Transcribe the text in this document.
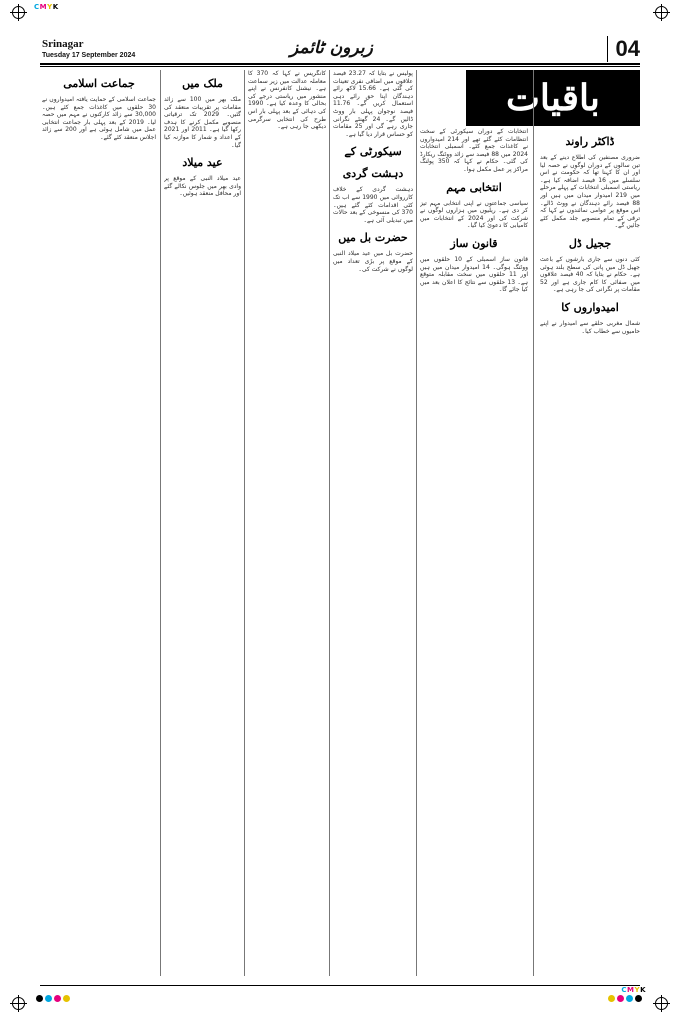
CMYK
Srinagar
Tuesday 17 September 2024	زبرون ٹائمز	04
باقیات
ڈاکٹر راوند

ضروری مصنفین کی اطلاع دینے کے بعد تین سالوں کے دوران لوگوں نے حصہ لیا اور ان کا کہنا تھا کہ حکومت نے اس سلسلے میں 16 فیصد اضافہ کیا ہے۔ ریاستی اسمبلی انتخابات کے پہلے مرحلے میں 219 امیدوار میدان میں ہیں اور 88 فیصد رائے دہندگان نے ووٹ ڈالے۔ اس موقع پر عوامی نمائندوں نے کہا کہ ترقی کے تمام منصوبے جلد مکمل کئے جائیں گے۔

ججیل ڈل

کئی دنوں سے جاری بارشوں کے باعث جھیل ڈل میں پانی کی سطح بلند ہوئی ہے۔ حکام نے بتایا کہ 40 فیصد علاقوں میں صفائی کا کام جاری ہے اور 52 مقامات پر نگرانی کی جا رہی ہے۔

امیدواروں کا

شمال مغربی حلقے سے امیدوار نے اپنے حامیوں سے خطاب کیا۔

انتخابات کے دوران سیکورٹی کے سخت انتظامات کئے گئے تھے اور 214 امیدواروں نے کاغذات جمع کئے۔ اسمبلی انتخابات 2024 میں 88 فیصد سے زائد ووٹنگ ریکارڈ کی گئی۔ حکام نے کہا کہ 350 پولنگ مراکز پر عمل مکمل ہوا۔

انتخابی مہم

سیاسی جماعتوں نے اپنی انتخابی مہم تیز کر دی ہے۔ ریلیوں میں ہزاروں لوگوں نے شرکت کی اور 2024 کے انتخابات میں کامیابی کا دعویٰ کیا گیا۔

قانون ساز

قانون ساز اسمبلی کے 10 حلقوں میں ووٹنگ ہوگی۔ 14 امیدوار میدان میں ہیں اور 11 حلقوں میں سخت مقابلہ متوقع ہے۔ 13 حلقوں سے نتائج کا اعلان بعد میں کیا جائے گا۔

پولیس نے بتایا کہ 23.27 فیصد علاقوں میں اضافی نفری تعینات کی گئی ہے۔ 15.66 لاکھ رائے دہندگان اپنا حق رائے دہی استعمال کریں گے۔ 11.76 فیصد نوجوان پہلی بار ووٹ ڈالیں گے۔ 24 گھنٹے نگرانی جاری رہے گی اور 25 مقامات کو حساس قرار دیا گیا ہے۔

سیکورٹی کے
دہشت گردی

دہشت گردی کے خلاف کارروائی میں 1990 سے اب تک کئی اقدامات کئے گئے ہیں۔ 370 کی منسوخی کے بعد حالات میں تبدیلی آئی ہے۔

حضرت بل میں

حضرت بل میں عید میلاد النبی کے موقع پر بڑی تعداد میں لوگوں نے شرکت کی۔

کانگریس نے کہا کہ 370 کا معاملہ عدالت میں زیر سماعت ہے۔ نیشنل کانفرنس نے اپنے منشور میں ریاستی درجے کی بحالی کا وعدہ کیا ہے۔ 1990 کی دہائی کے بعد پہلی بار اس طرح کی انتخابی سرگرمی دیکھی جا رہی ہے۔

ملک میں

ملک بھر میں 100 سے زائد مقامات پر تقریبات منعقد کی گئیں۔ 2029 تک ترقیاتی منصوبے مکمل کرنے کا ہدف رکھا گیا ہے۔ 2011 اور 2021 کے اعداد و شمار کا موازنہ کیا گیا۔

عید میلاد

عید میلاد النبی کے موقع پر وادی بھر میں جلوس نکالے گئے اور محافل منعقد ہوئیں۔

جماعت اسلامی

جماعت اسلامی کے حمایت یافتہ امیدواروں نے 30 حلقوں میں کاغذات جمع کئے ہیں۔ 30,000 سے زائد کارکنوں نے مہم میں حصہ لیا۔ 2019 کے بعد پہلی بار جماعت انتخابی عمل میں شامل ہوئی ہے اور 200 سے زائد اجلاس منعقد کئے گئے۔

CMYK
